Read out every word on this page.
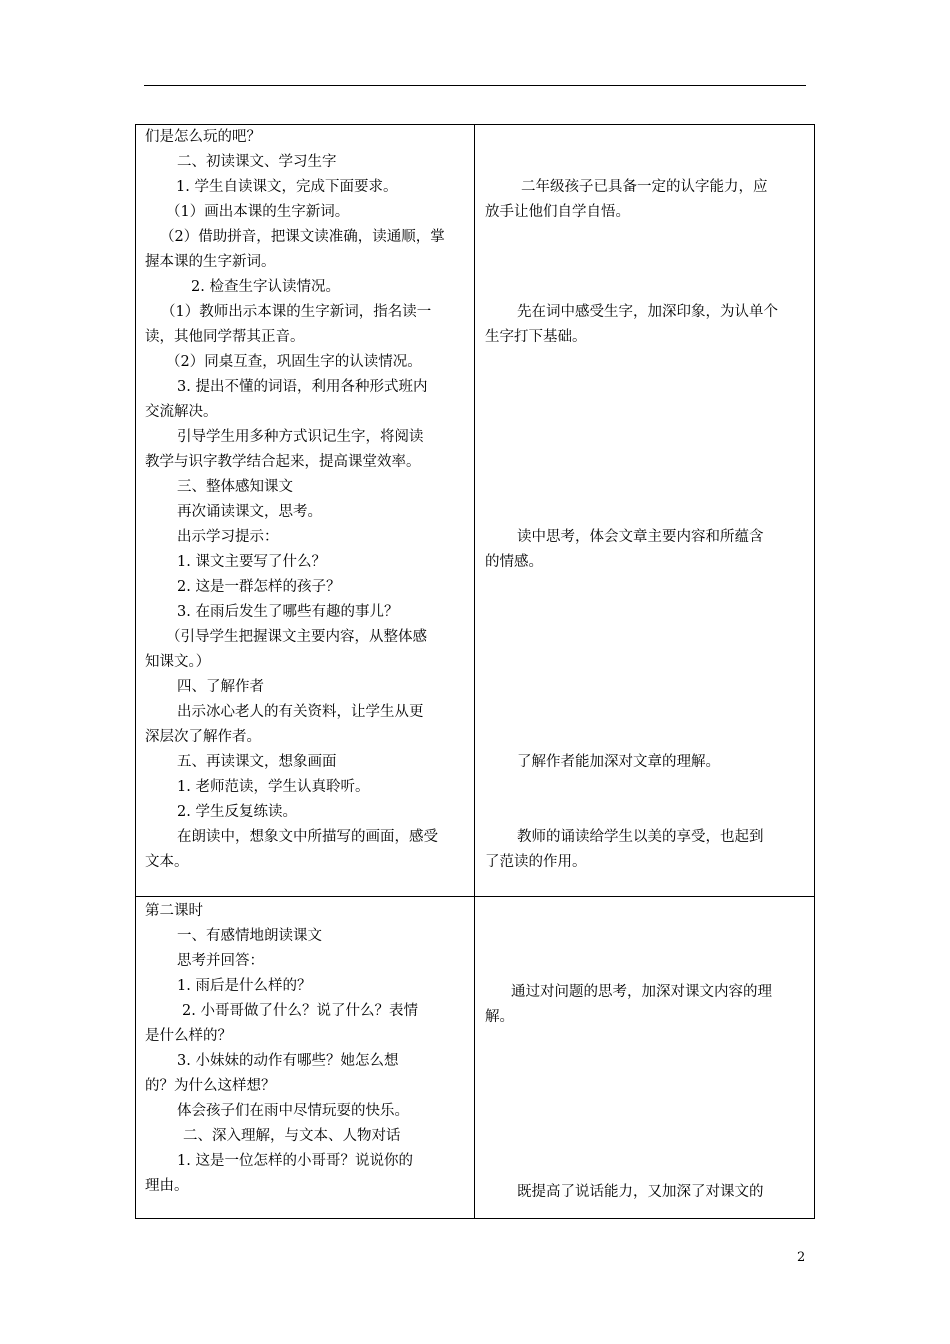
们是怎么玩的吧？
二、初读课文、学习生字
1. 学生自读课文，完成下面要求。
（1）画出本课的生字新词。
（2）借助拼音，把课文读准确，读通顺，掌
握本课的生字新词。
2. 检查生字认读情况。
（1）教师出示本课的生字新词，指名读一
读，其他同学帮其正音。
（2）同桌互查，巩固生字的认读情况。
3. 提出不懂的词语，利用各种形式班内
交流解决。
引导学生用多种方式识记生字，将阅读
教学与识字教学结合起来，提高课堂效率。
三、整体感知课文
再次诵读课文，思考。
出示学习提示：
1. 课文主要写了什么？
2. 这是一群怎样的孩子？
3. 在雨后发生了哪些有趣的事儿？
（引导学生把握课文主要内容，从整体感
知课文。）
四、了解作者
出示冰心老人的有关资料，让学生从更
深层次了解作者。
五、再读课文，想象画面
1. 老师范读，学生认真聆听。
2. 学生反复练读。
在朗读中，想象文中所描写的画面，感受
文本。
二年级孩子已具备一定的认字能力，应
放手让他们自学自悟。
先在词中感受生字，加深印象，为认单个
生字打下基础。
读中思考，体会文章主要内容和所蕴含
的情感。
了解作者能加深对文章的理解。
教师的诵读给学生以美的享受，也起到
了范读的作用。
第二课时
一、有感情地朗读课文
思考并回答：
1. 雨后是什么样的？
2. 小哥哥做了什么？说了什么？表情
是什么样的？
3. 小妹妹的动作有哪些？她怎么想
的？为什么这样想？
体会孩子们在雨中尽情玩耍的快乐。
二、深入理解，与文本、人物对话
1. 这是一位怎样的小哥哥？说说你的
理由。
通过对问题的思考，加深对课文内容的理
解。
既提高了说话能力，又加深了对课文的
2
